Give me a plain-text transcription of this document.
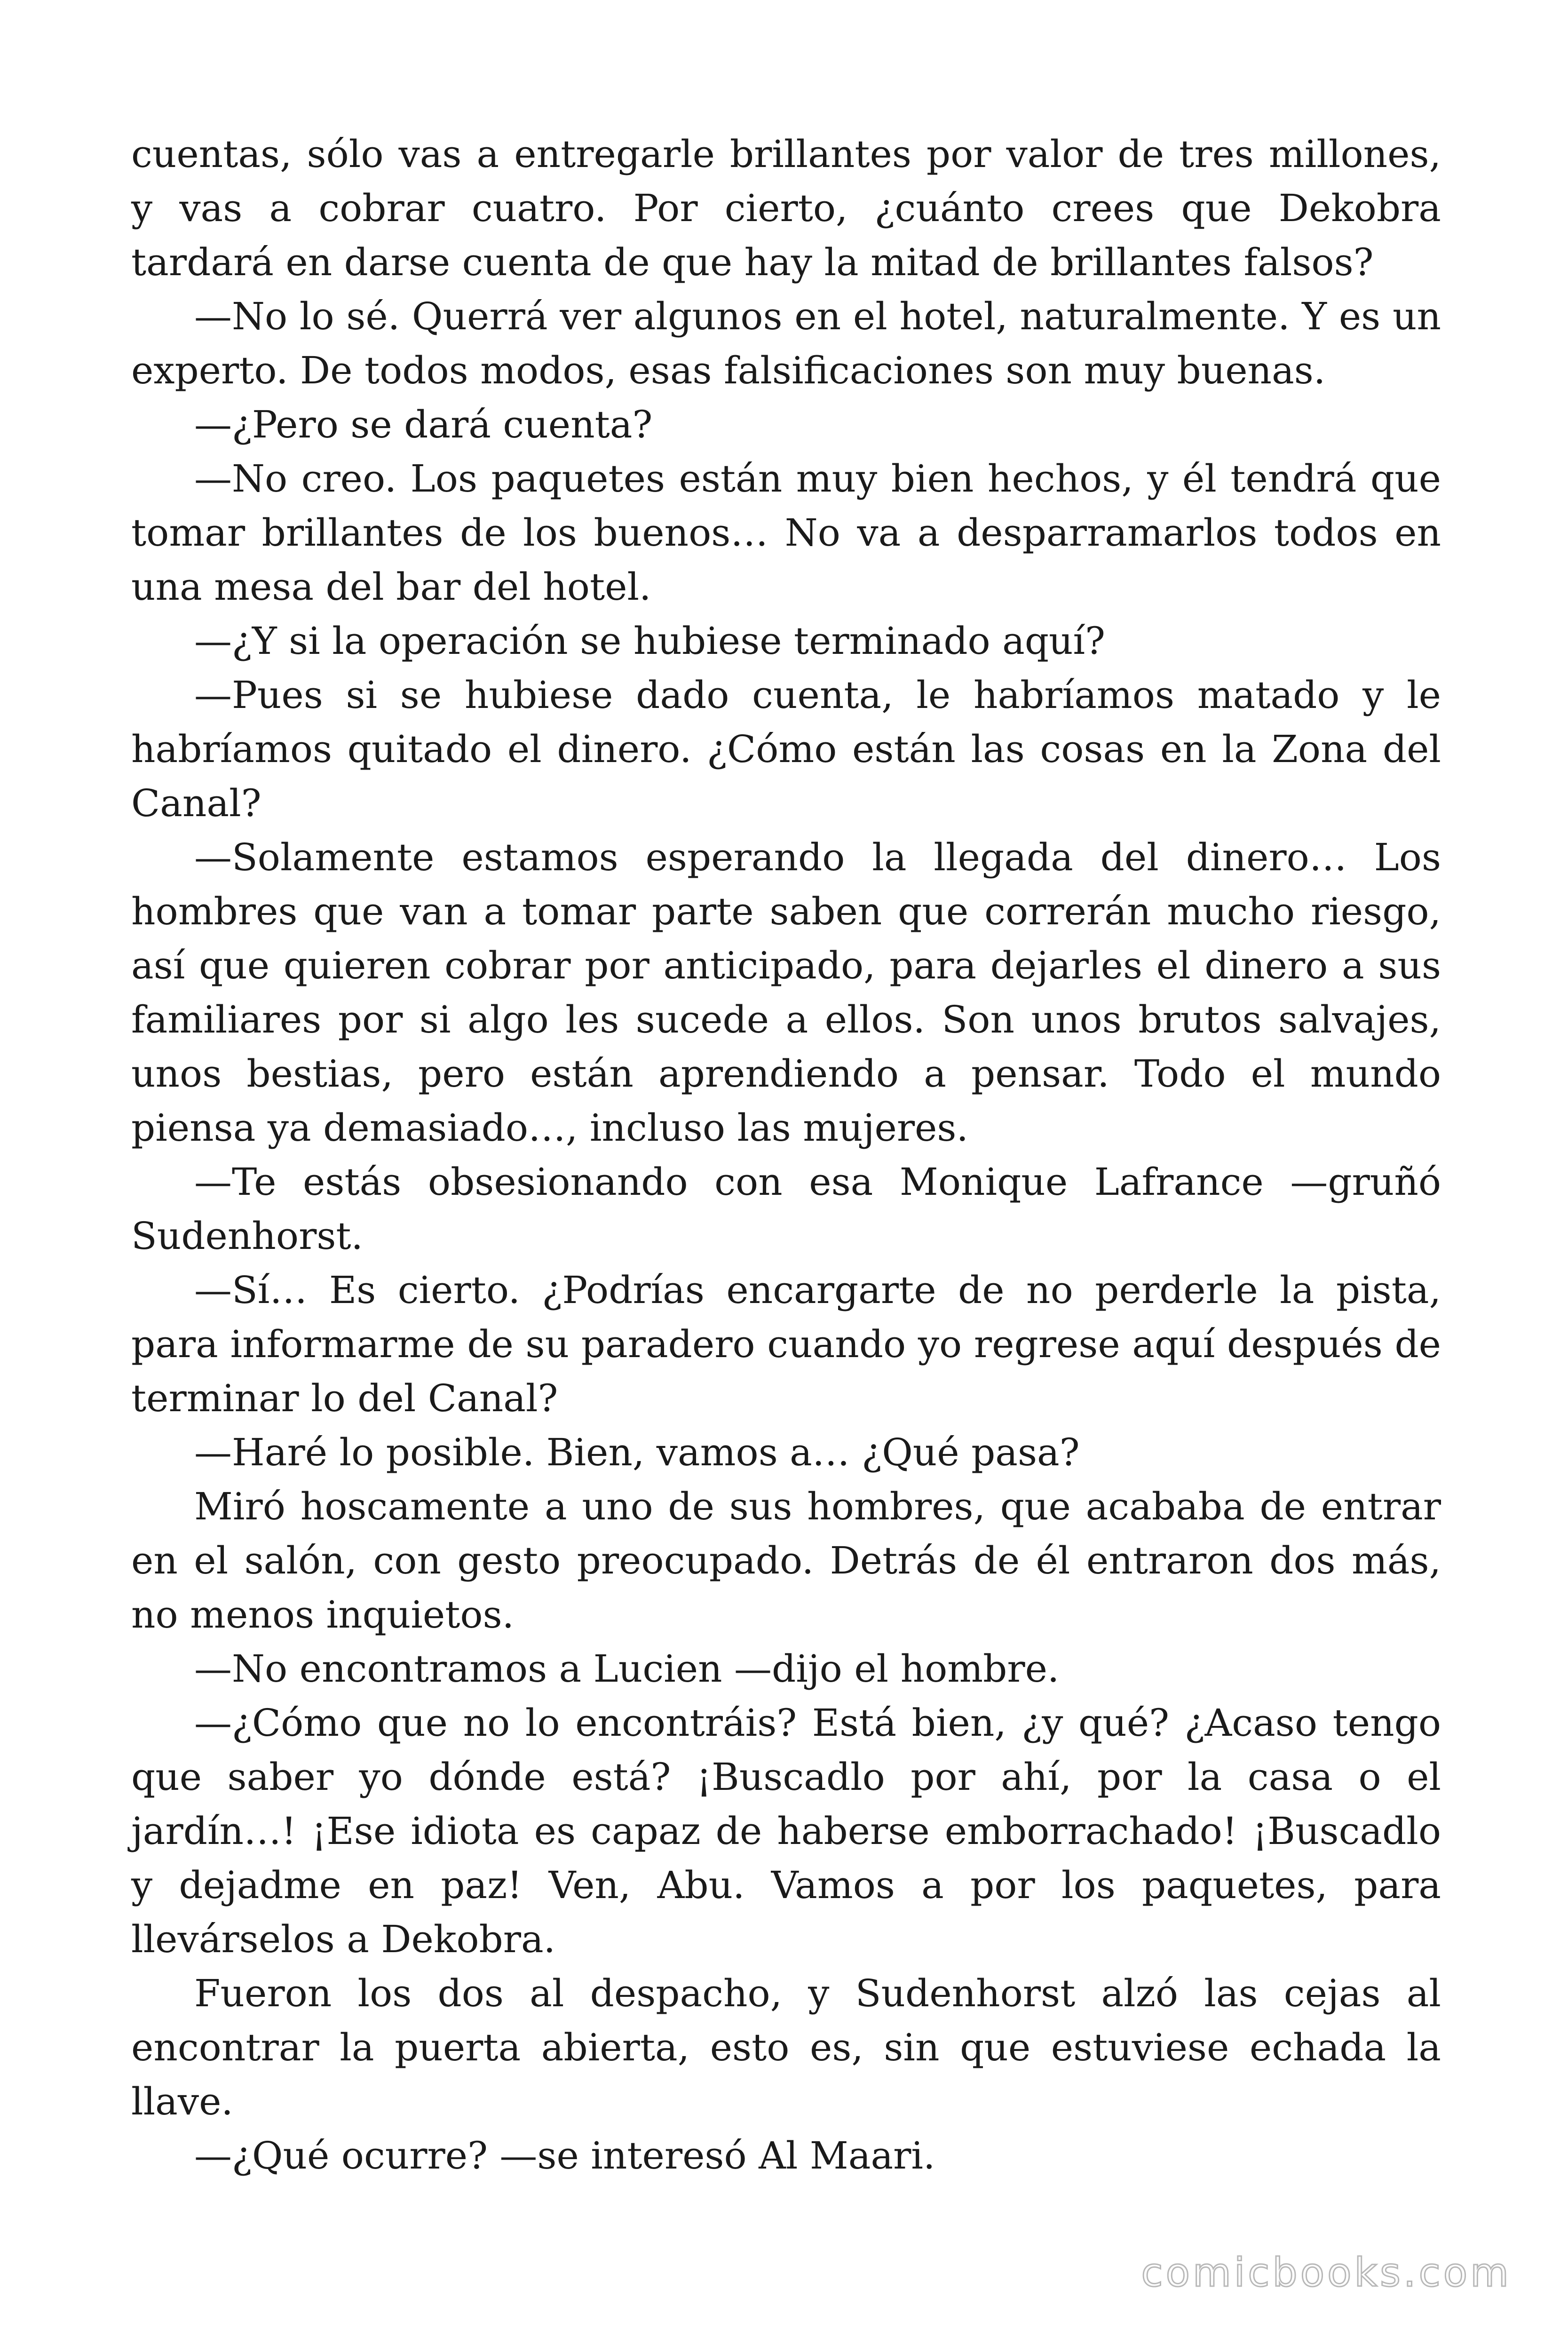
cuentas, sólo vas a entregarle brillantes por valor de tres millones, y vas a cobrar cuatro. Por cierto, ¿cuánto crees que Dekobra tardará en darse cuenta de que hay la mitad de brillantes falsos?

—No lo sé. Querrá ver algunos en el hotel, naturalmente. Y es un experto. De todos modos, esas falsificaciones son muy buenas.

—¿Pero se dará cuenta?

—No creo. Los paquetes están muy bien hechos, y él tendrá que tomar brillantes de los buenos… No va a desparramarlos todos en una mesa del bar del hotel.

—¿Y si la operación se hubiese terminado aquí?

—Pues si se hubiese dado cuenta, le habríamos matado y le habríamos quitado el dinero. ¿Cómo están las cosas en la Zona del Canal?

—Solamente estamos esperando la llegada del dinero… Los hombres que van a tomar parte saben que correrán mucho riesgo, así que quieren cobrar por anticipado, para dejarles el dinero a sus familiares por si algo les sucede a ellos. Son unos brutos salvajes, unos bestias, pero están aprendiendo a pensar. Todo el mundo piensa ya demasiado…, incluso las mujeres.

—Te estás obsesionando con esa Monique Lafrance —gruñó Sudenhorst.

—Sí… Es cierto. ¿Podrías encargarte de no perderle la pista, para informarme de su paradero cuando yo regrese aquí después de terminar lo del Canal?

—Haré lo posible. Bien, vamos a… ¿Qué pasa?

Miró hoscamente a uno de sus hombres, que acababa de entrar en el salón, con gesto preocupado. Detrás de él entraron dos más, no menos inquietos.

—No encontramos a Lucien —dijo el hombre.

—¿Cómo que no lo encontráis? Está bien, ¿y qué? ¿Acaso tengo que saber yo dónde está? ¡Buscadlo por ahí, por la casa o el jardín…! ¡Ese idiota es capaz de haberse emborrachado! ¡Buscadlo y dejadme en paz! Ven, Abu. Vamos a por los paquetes, para llevárselos a Dekobra.

Fueron los dos al despacho, y Sudenhorst alzó las cejas al encontrar la puerta abierta, esto es, sin que estuviese echada la llave.

—¿Qué ocurre? —se interesó Al Maari.

comicbooks.com
